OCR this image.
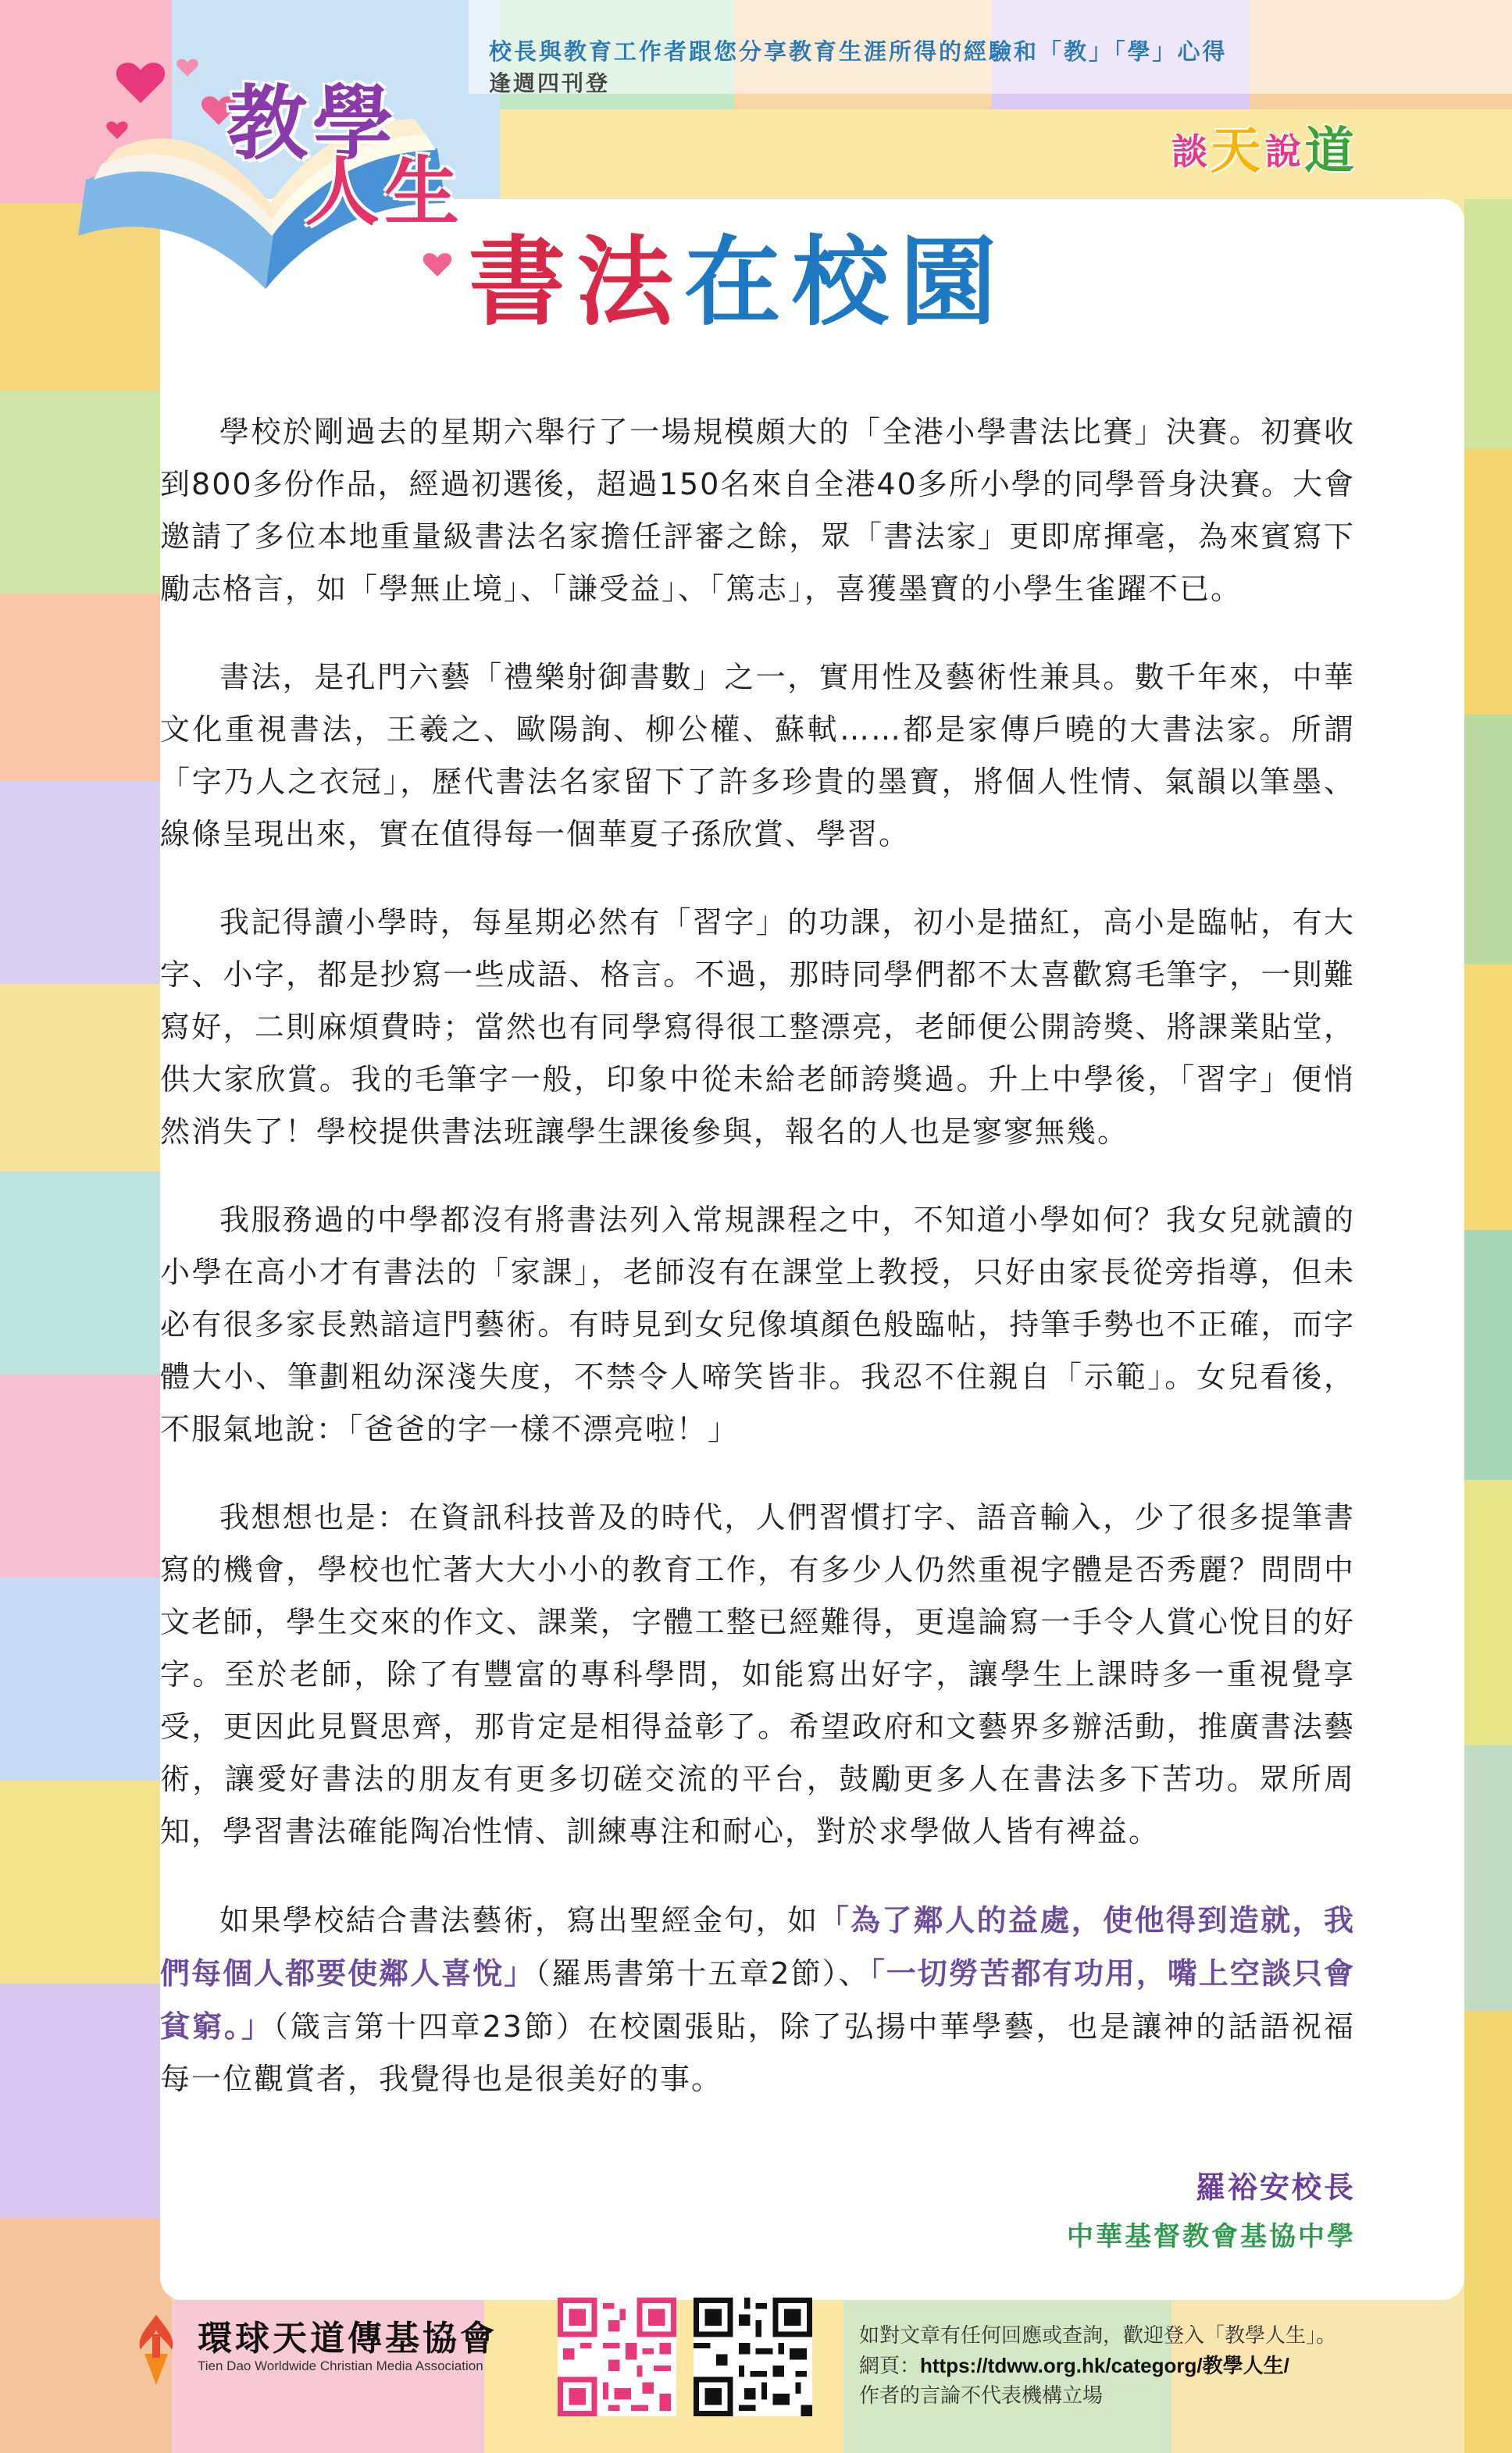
校長與教育工作者跟您分享教育生涯所得的經驗和「教」「學」心得

逢週四刊登

談 天 說 道
教學
人生
書法在校園

學校於剛過去的星期六舉行了一場規模頗大的「全港小學書法比賽」決賽。初賽收到800多份作品，經過初選後，超過150名來自全港40多所小學的同學晉身決賽。大會邀請了多位本地重量級書法名家擔任評審之餘，眾「書法家」更即席揮毫，為來賓寫下勵志格言，如「學無止境」、「謙受益」、「篤志」，喜獲墨寶的小學生雀躍不已。

書法，是孔門六藝「禮樂射御書數」之一，實用性及藝術性兼具。數千年來，中華文化重視書法，王羲之、歐陽詢、柳公權、蘇軾……都是家傳戶曉的大書法家。所謂「字乃人之衣冠」，歷代書法名家留下了許多珍貴的墨寶，將個人性情、氣韻以筆墨、線條呈現出來，實在值得每一個華夏子孫欣賞、學習。

我記得讀小學時，每星期必然有「習字」的功課，初小是描紅，高小是臨帖，有大字、小字，都是抄寫一些成語、格言。不過，那時同學們都不太喜歡寫毛筆字，一則難寫好，二則麻煩費時；當然也有同學寫得很工整漂亮，老師便公開誇獎、將課業貼堂，供大家欣賞。我的毛筆字一般，印象中從未給老師誇獎過。升上中學後，「習字」便悄然消失了！學校提供書法班讓學生課後參與，報名的人也是寥寥無幾。

我服務過的中學都沒有將書法列入常規課程之中，不知道小學如何？我女兒就讀的小學在高小才有書法的「家課」，老師沒有在課堂上教授，只好由家長從旁指導，但未必有很多家長熟諳這門藝術。有時見到女兒像填顏色般臨帖，持筆手勢也不正確，而字體大小、筆劃粗幼深淺失度，不禁令人啼笑皆非。我忍不住親自「示範」。女兒看後，不服氣地說：「爸爸的字一樣不漂亮啦！」

我想想也是：在資訊科技普及的時代，人們習慣打字、語音輸入，少了很多提筆書寫的機會，學校也忙著大大小小的教育工作，有多少人仍然重視字體是否秀麗？問問中文老師，學生交來的作文、課業，字體工整已經難得，更遑論寫一手令人賞心悅目的好字。至於老師，除了有豐富的專科學問，如能寫出好字，讓學生上課時多一重視覺享受，更因此見賢思齊，那肯定是相得益彰了。希望政府和文藝界多辦活動，推廣書法藝術，讓愛好書法的朋友有更多切磋交流的平台，鼓勵更多人在書法多下苦功。眾所周知，學習書法確能陶冶性情、訓練專注和耐心，對於求學做人皆有裨益。

如果學校結合書法藝術，寫出聖經金句，如「為了鄰人的益處，使他得到造就，我們每個人都要使鄰人喜悅」（羅馬書第十五章2節）、「一切勞苦都有功用，嘴上空談只會貧窮。」（箴言第十四章23節）在校園張貼，除了弘揚中華學藝，也是讓神的話語祝福每一位觀賞者，我覺得也是很美好的事。

羅裕安校長

中華基督教會基協中學

環球天道傳基協會
Tien Dao Worldwide Christian Media Association

如對文章有任何回應或查詢，歡迎登入「教學人生」。

網頁：https://tdww.org.hk/categorg/教學人生/

作者的言論不代表機構立場
